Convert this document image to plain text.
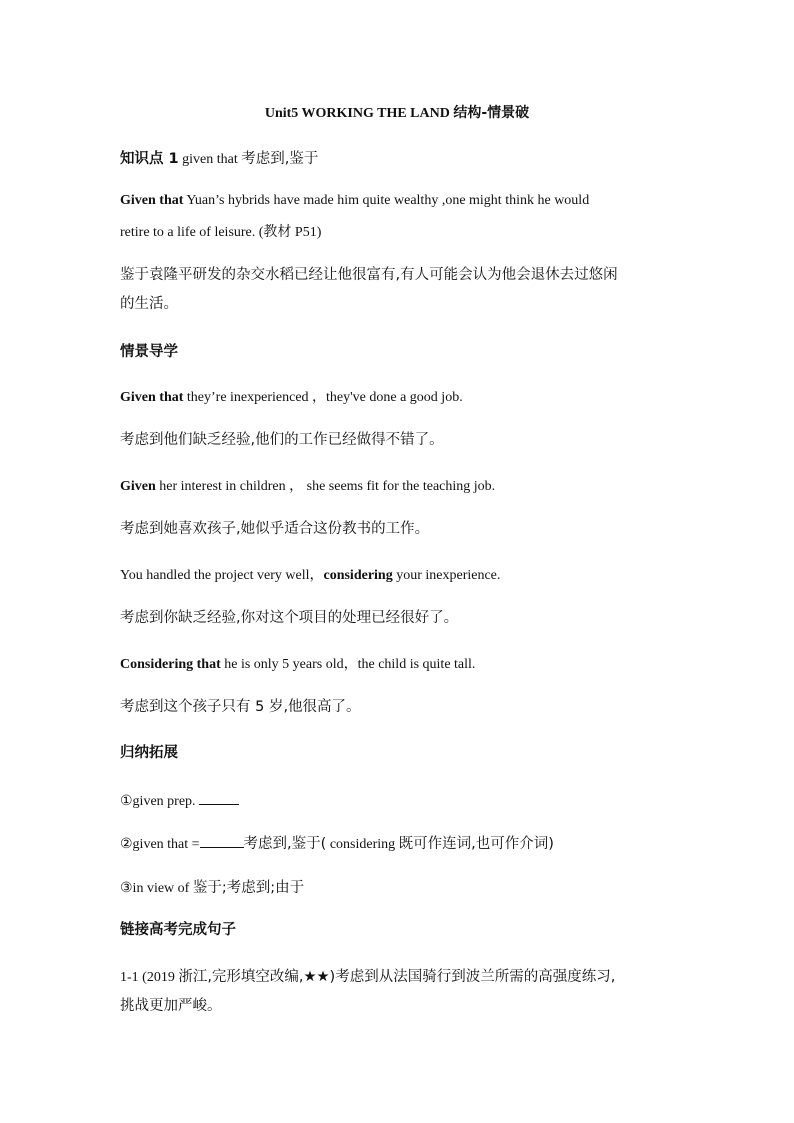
Unit5 WORKING THE LAND 结构-情景破
知识点 1 given that 考虑到,鉴于
Given that Yuan’s hybrids have made him quite wealthy ,one might think he would
retire to a life of leisure. (教材 P51)
鉴于袁隆平研发的杂交水稻已经让他很富有,有人可能会认为他会退休去过悠闲
的生活。
情景导学
Given that they’re inexperienced ，they've done a good job.
考虑到他们缺乏经验,他们的工作已经做得不错了。
Given her interest in children ， she seems fit for the teaching job.
考虑到她喜欢孩子,她似乎适合这份教书的工作。
You handled the project very well，considering your inexperience.
考虑到你缺乏经验,你对这个项目的处理已经很好了。
Considering that he is only 5 years old，the child is quite tall.
考虑到这个孩子只有 5 岁,他很高了。
归纳拓展
①given prep.
②given that =	考虑到,鉴于( considering 既可作连词,也可作介词)
③in view of 鉴于;考虑到;由于
链接高考完成句子
1-1 (2019 浙江,完形填空改编,★★)考虑到从法国骑行到波兰所需的高强度练习,
挑战更加严峻。
